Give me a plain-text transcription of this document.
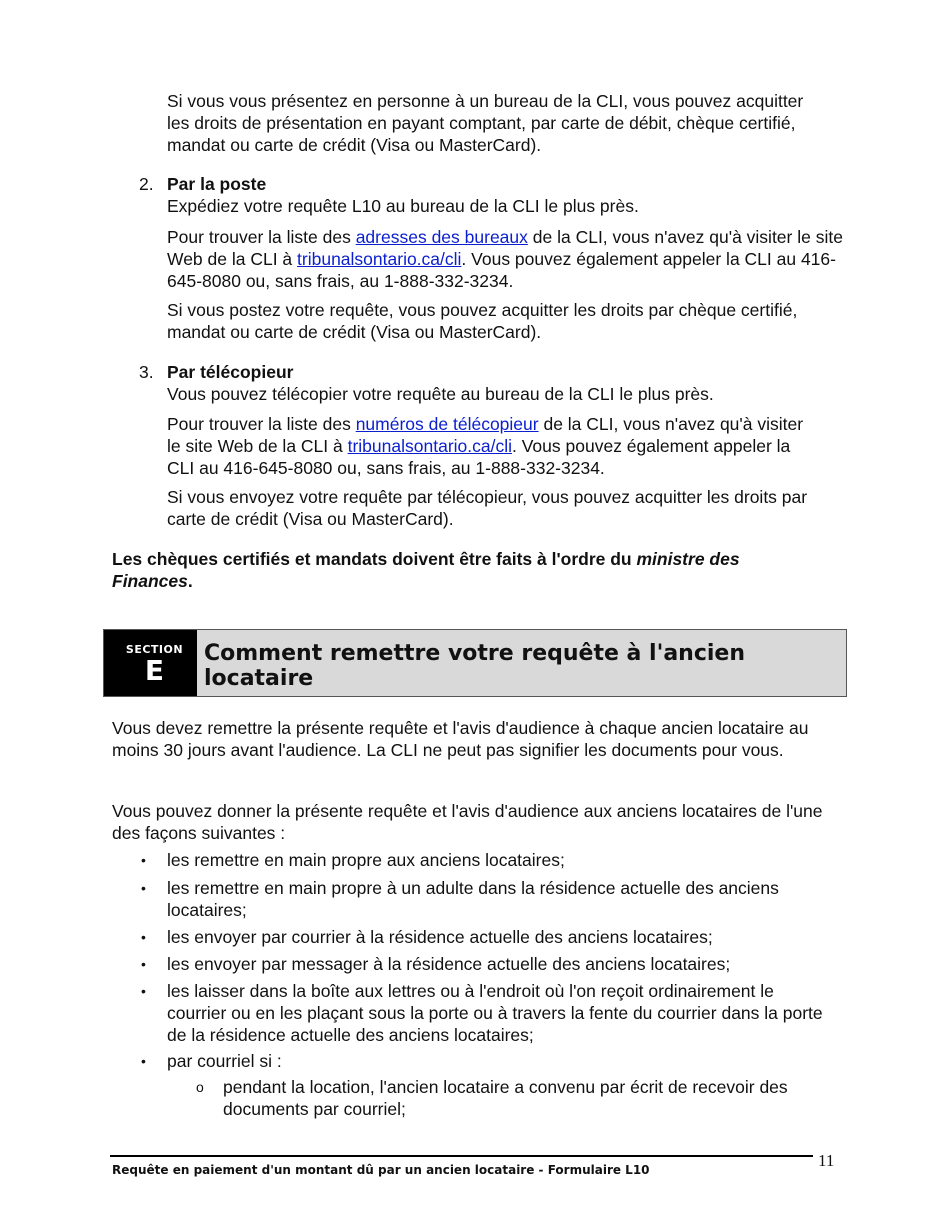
Si vous vous présentez en personne à un bureau de la CLI, vous pouvez acquitter les droits de présentation en payant comptant, par carte de débit, chèque certifié, mandat ou carte de crédit (Visa ou MasterCard).

2. Par la poste

Expédiez votre requête L10 au bureau de la CLI le plus près.

Pour trouver la liste des adresses des bureaux de la CLI, vous n'avez qu'à visiter le site Web de la CLI à tribunalsontario.ca/cli. Vous pouvez également appeler la CLI au 416-645-8080 ou, sans frais, au 1-888-332-3234.

Si vous postez votre requête, vous pouvez acquitter les droits par chèque certifié, mandat ou carte de crédit (Visa ou MasterCard).

3. Par télécopieur

Vous pouvez télécopier votre requête au bureau de la CLI le plus près.

Pour trouver la liste des numéros de télécopieur de la CLI, vous n'avez qu'à visiter le site Web de la CLI à tribunalsontario.ca/cli. Vous pouvez également appeler la CLI au 416-645-8080 ou, sans frais, au 1-888-332-3234.

Si vous envoyez votre requête par télécopieur, vous pouvez acquitter les droits par carte de crédit (Visa ou MasterCard).

Les chèques certifiés et mandats doivent être faits à l'ordre du ministre des Finances.

SECTION
E
Comment remettre votre requête à l'ancien locataire

Vous devez remettre la présente requête et l'avis d'audience à chaque ancien locataire au moins 30 jours avant l'audience. La CLI ne peut pas signifier les documents pour vous.

Vous pouvez donner la présente requête et l'avis d'audience aux anciens locataires de l'une des façons suivantes :

• les remettre en main propre aux anciens locataires;

• les remettre en main propre à un adulte dans la résidence actuelle des anciens locataires;

• les envoyer par courrier à la résidence actuelle des anciens locataires;

• les envoyer par messager à la résidence actuelle des anciens locataires;

• les laisser dans la boîte aux lettres ou à l'endroit où l'on reçoit ordinairement le courrier ou en les plaçant sous la porte ou à travers la fente du courrier dans la porte de la résidence actuelle des anciens locataires;

• par courriel si :

o pendant la location, l'ancien locataire a convenu par écrit de recevoir des documents par courriel;

Requête en paiement d'un montant dû par un ancien locataire - Formulaire L10	11
